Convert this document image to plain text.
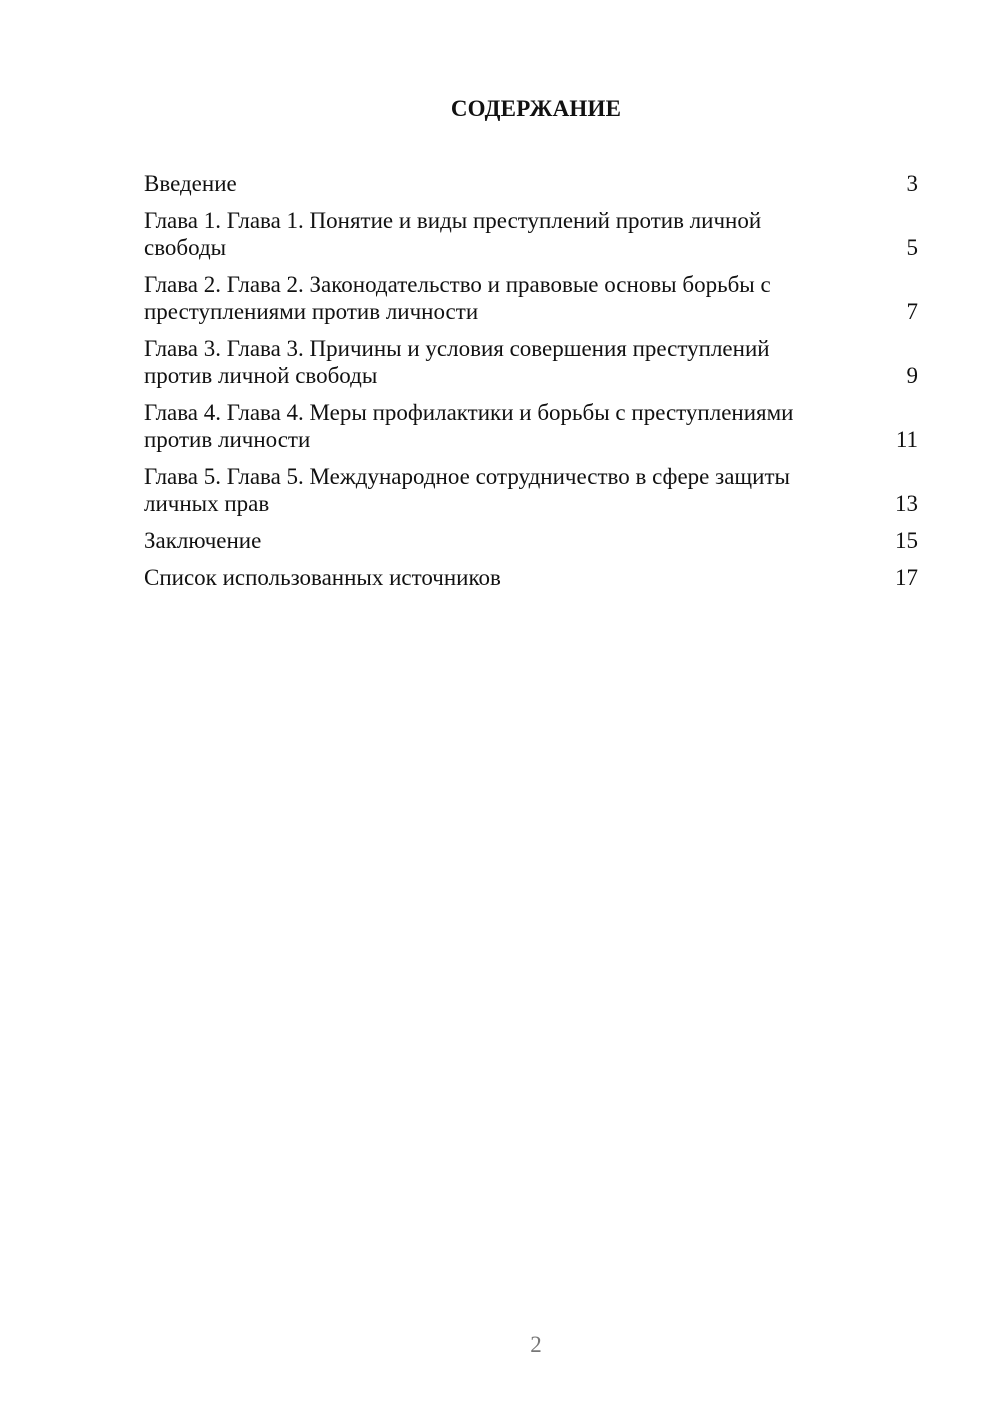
СОДЕРЖАНИЕ
Введение	3
Глава 1. Глава 1. Понятие и виды преступлений против личной свободы	5
Глава 2. Глава 2. Законодательство и правовые основы борьбы с преступлениями против личности	7
Глава 3. Глава 3. Причины и условия совершения преступлений против личной свободы	9
Глава 4. Глава 4. Меры профилактики и борьбы с преступлениями против личности	11
Глава 5. Глава 5. Международное сотрудничество в сфере защиты личных прав	13
Заключение	15
Список использованных источников	17
2
